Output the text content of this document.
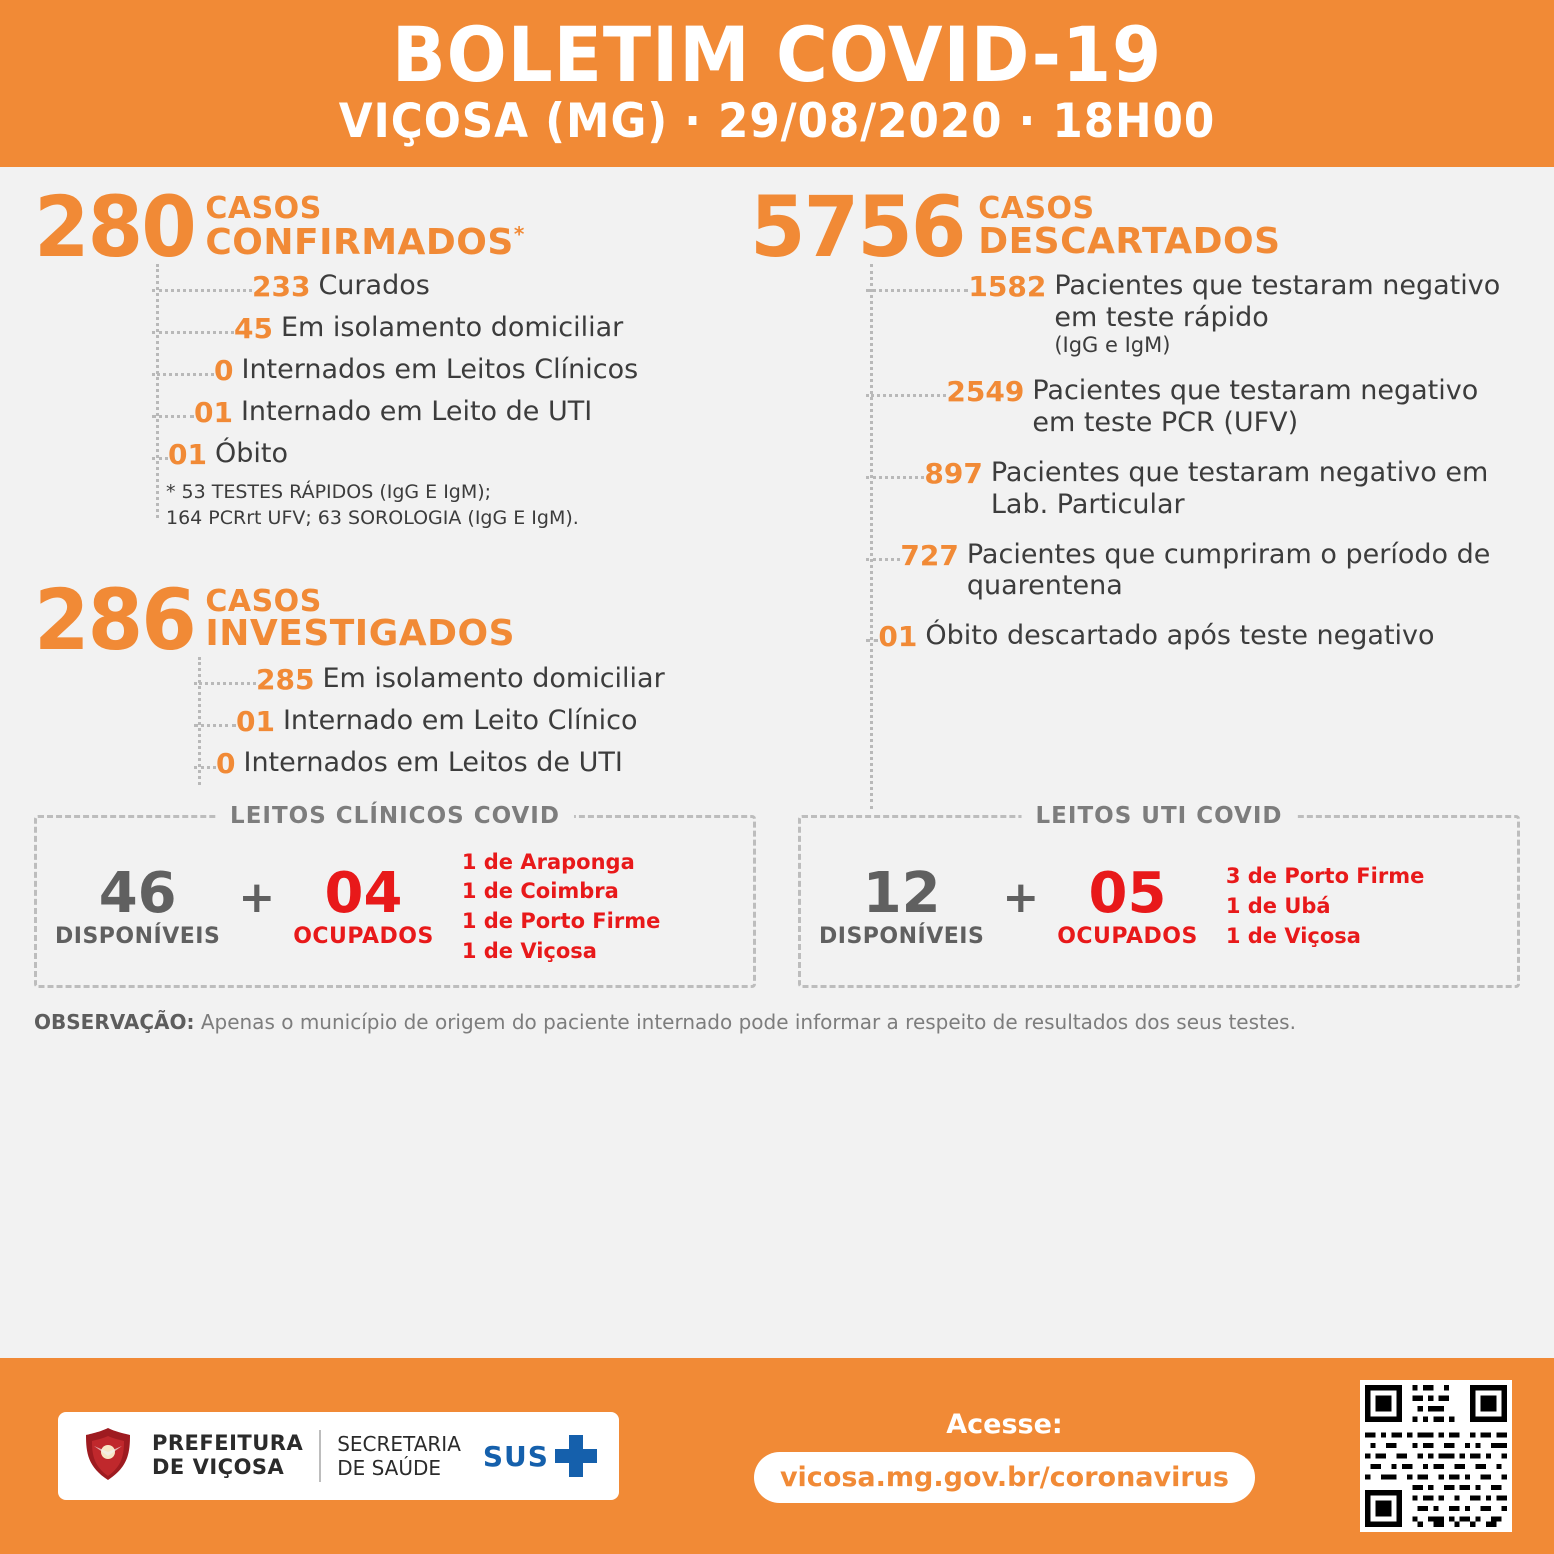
BOLETIM COVID-19
VIÇOSA (MG) · 29/08/2020 · 18H00
280 CASOS
CONFIRMADOS*
233 Curados
45 Em isolamento domiciliar
0 Internados em Leitos Clínicos
01 Internado em Leito de UTI
01 Óbito
* 53 TESTES RÁPIDOS (IgG E IgM);
164 PCRrt UFV; 63 SOROLOGIA (IgG E IgM).
286 CASOS
INVESTIGADOS
285 Em isolamento domiciliar
01 Internado em Leito Clínico
0 Internados em Leitos de UTI
5756 CASOS
DESCARTADOS
1582 Pacientes que testaram negativo em teste rápido
(IgG e IgM)
2549 Pacientes que testaram negativo em teste PCR (UFV)
897 Pacientes que testaram negativo em Lab. Particular
727 Pacientes que cumpriram o período de quarentena
01 Óbito descartado após teste negativo
LEITOS CLÍNICOS COVID
46
DISPONÍVEIS
+ 04
OCUPADOS
1 de Araponga
1 de Coimbra
1 de Porto Firme
1 de Viçosa
LEITOS UTI COVID
12
DISPONÍVEIS
+ 05
OCUPADOS
3 de Porto Firme
1 de Ubá
1 de Viçosa
OBSERVAÇÃO: Apenas o município de origem do paciente internado pode informar a respeito de resultados dos seus testes.
PREFEITURA
DE VIÇOSA
SECRETARIA
DE SAÚDE	SUS
Acesse:
vicosa.mg.gov.br/coronavirus
